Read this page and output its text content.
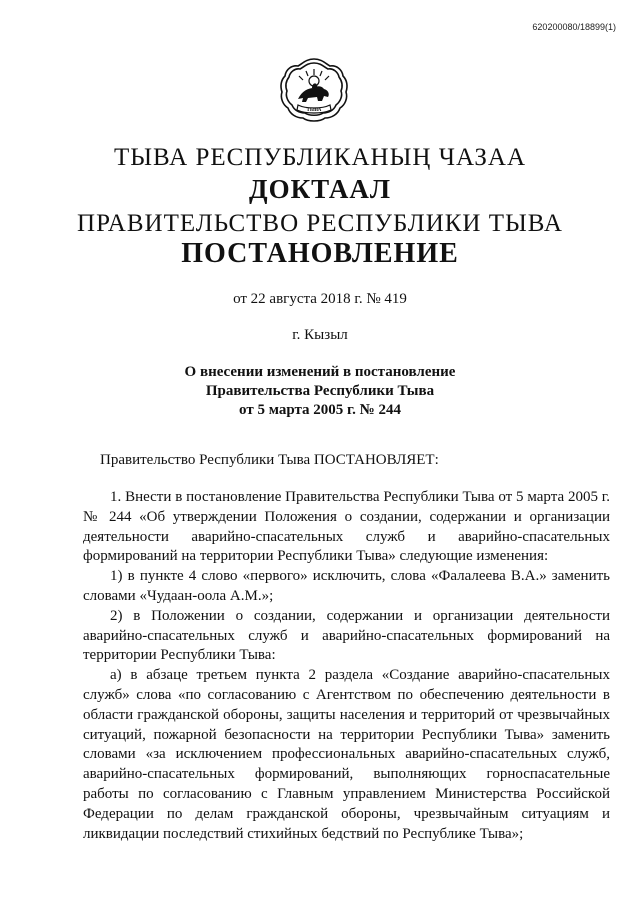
620200080/18899(1)
ТЫВА
ТЫВА РЕСПУБЛИКАНЫҢ ЧАЗАА
ДОКТААЛ
ПРАВИТЕЛЬСТВО РЕСПУБЛИКИ ТЫВА
ПОСТАНОВЛЕНИЕ
от 22 августа 2018 г. № 419
г. Кызыл
О внесении изменений в постановление
Правительства Республики Тыва
от 5 марта 2005 г. № 244
Правительство Республики Тыва ПОСТАНОВЛЯЕТ:

1. Внести в постановление Правительства Республики Тыва от 5 марта 2005 г. № 244 «Об утверждении Положения о создании, содержании и организации деятельности аварийно-спасательных служб и аварийно-спасательных формирований на территории Республики Тыва» следующие изменения:

1) в пункте 4 слово «первого» исключить, слова «Фалалеева В.А.» заменить словами «Чудаан-оола А.М.»;

2) в Положении о создании, содержании и организации деятельности аварийно-спасательных служб и аварийно-спасательных формирований на территории Республики Тыва:

а) в абзаце третьем пункта 2 раздела «Создание аварийно-спасательных служб» слова «по согласованию с Агентством по обеспечению деятельности в области гражданской обороны, защиты населения и территорий от чрезвычайных ситуаций, пожарной безопасности на территории Республики Тыва» заменить словами «за исключением профессиональных аварийно-спасательных служб, аварийно-спасательных формирований, выполняющих горноспасательные работы по согласованию с Главным управлением Министерства Российской Федерации по делам гражданской обороны, чрезвычайным ситуациям и ликвидации последствий стихийных бедствий по Республике Тыва»;
